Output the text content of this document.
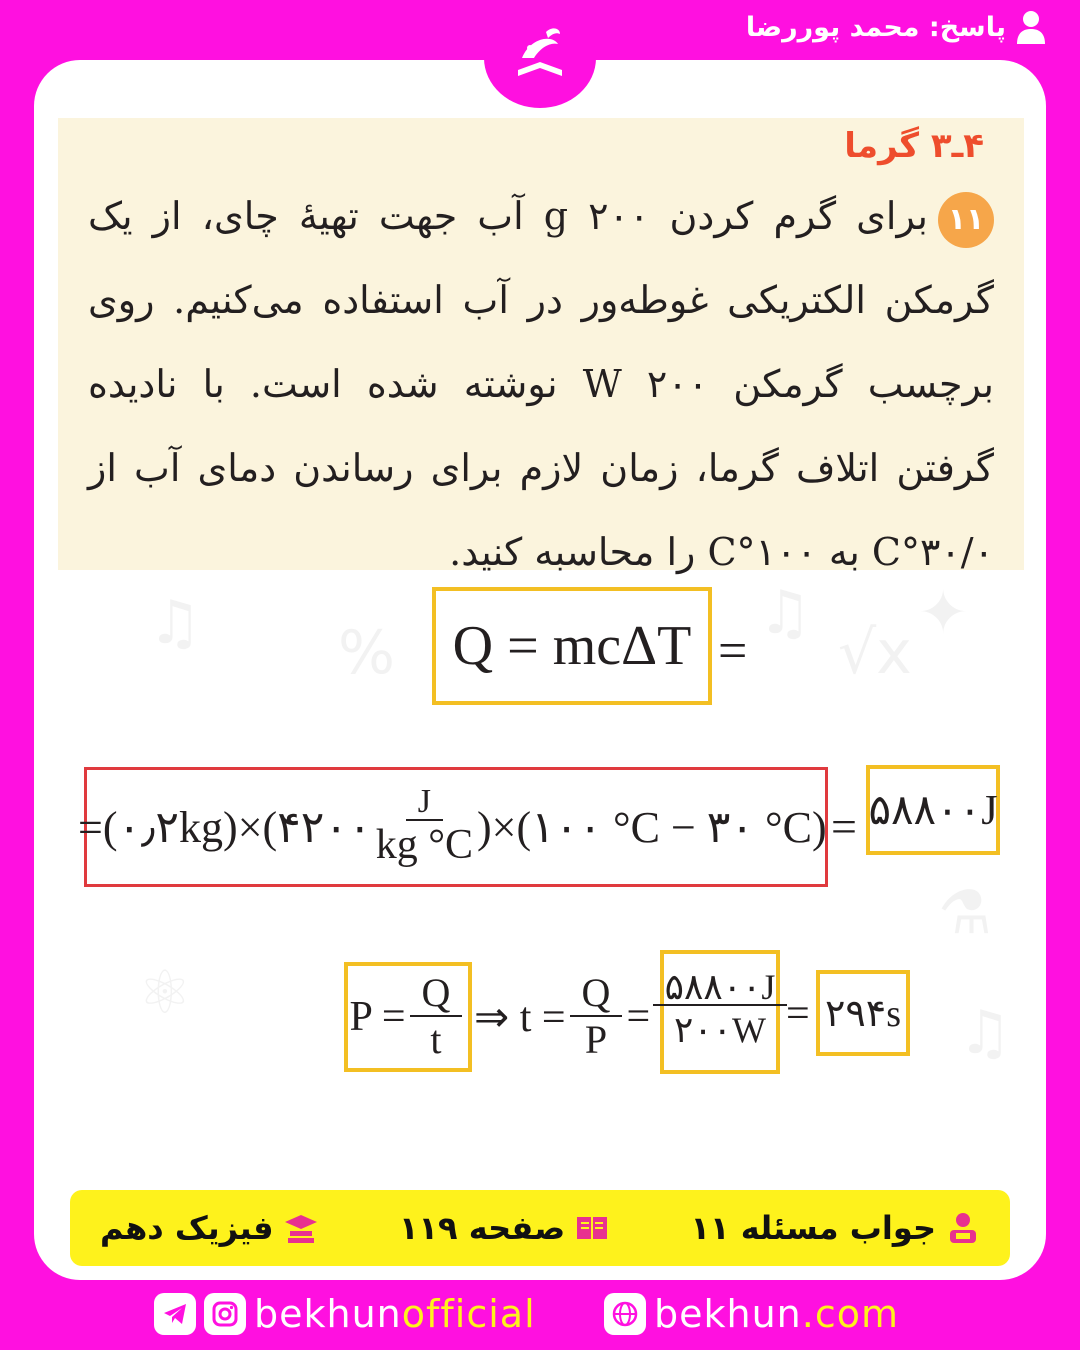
پاسخ: محمد پوررضا
۴ـ۳ گرما
۱۱برای گرم کردن g ۲۰۰ آب جهت تهیهٔ چای، از یک گرمکن الکتریکی غوطه‌ور در آب استفاده می‌کنیم. روی برچسب گرمکن W ۲۰۰ نوشته شده است. با نادیده گرفتن اتلاف گرما، زمان لازم برای رساندن دمای آب از ۳۰/۰°C به ۱۰۰°C را محاسبه کنید.
♫ %	√x
♫
⚛
⚗
♫
✦
Q = mcΔT =
=(۰٫۲kg)×(۴۲۰۰ $\frac{J}{kg ^\circ C}$ )×(۱۰۰ °C − ۳۰ °C) = ۵۸۸۰۰J
$P = \frac{Q}{t}$ ⇒ $t = \frac{Q}{P} = \frac{۵۸۸۰۰J}{۲۰۰W}$
= ۲۹۴s
جواب مسئله ۱۱
صفحه ۱۱۹
فیزیک دهم
bekhunofficial	bekhun.com
